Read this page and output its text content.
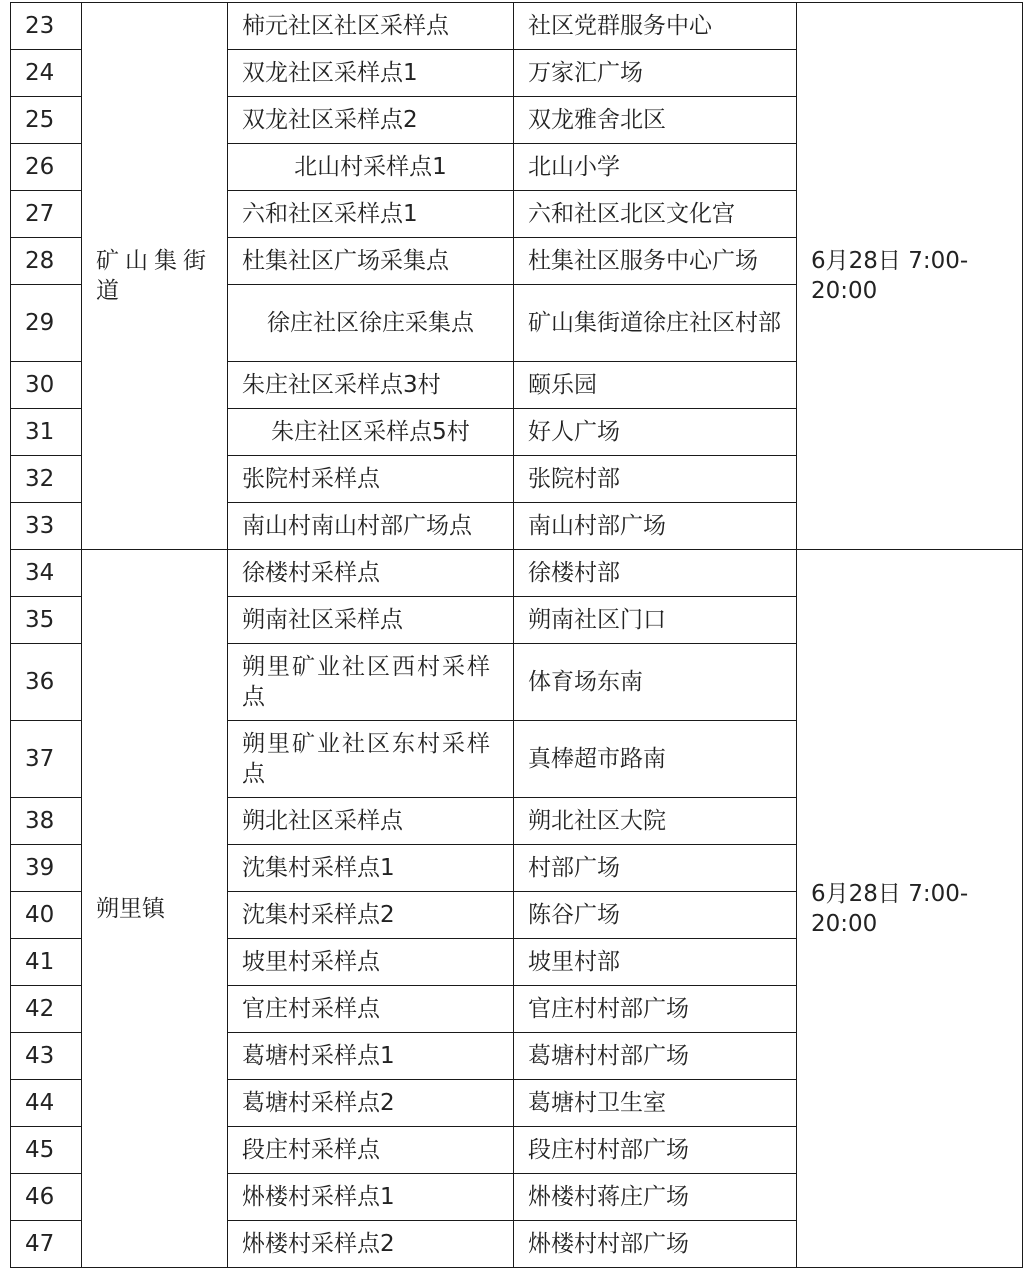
23	矿山集街道	柿元社区社区采样点	社区党群服务中心	6月28日 7:00-20:00
24		双龙社区采样点1	万家汇广场	
25		双龙社区采样点2	双龙雅舍北区	
26		北山村采样点1	北山小学	
27		六和社区采样点1	六和社区北区文化宫	
28		杜集社区广场采集点	杜集社区服务中心广场	
29		徐庄社区徐庄采集点	矿山集街道徐庄社区村部	
30		朱庄社区采样点3村	颐乐园	
31		朱庄社区采样点5村	好人广场	
32		张院村采样点	张院村部	
33		南山村南山村部广场点	南山村部广场	
34	朔里镇	徐楼村采样点	徐楼村部	6月28日 7:00-20:00
35		朔南社区采样点	朔南社区门口	
36		朔里矿业社区西村采样点	体育场东南	
37		朔里矿业社区东村采样点	真棒超市路南	
38		朔北社区采样点	朔北社区大院	
39		沈集村采样点1	村部广场	
40		沈集村采样点2	陈谷广场	
41		坡里村采样点	坡里村部	
42		官庄村采样点	官庄村村部广场	
43		葛塘村采样点1	葛塘村村部广场	
44		葛塘村采样点2	葛塘村卫生室	
45		段庄村采样点	段庄村村部广场	
46		烞楼村采样点1	烞楼村蒋庄广场	
47		烞楼村采样点2	烞楼村村部广场	
